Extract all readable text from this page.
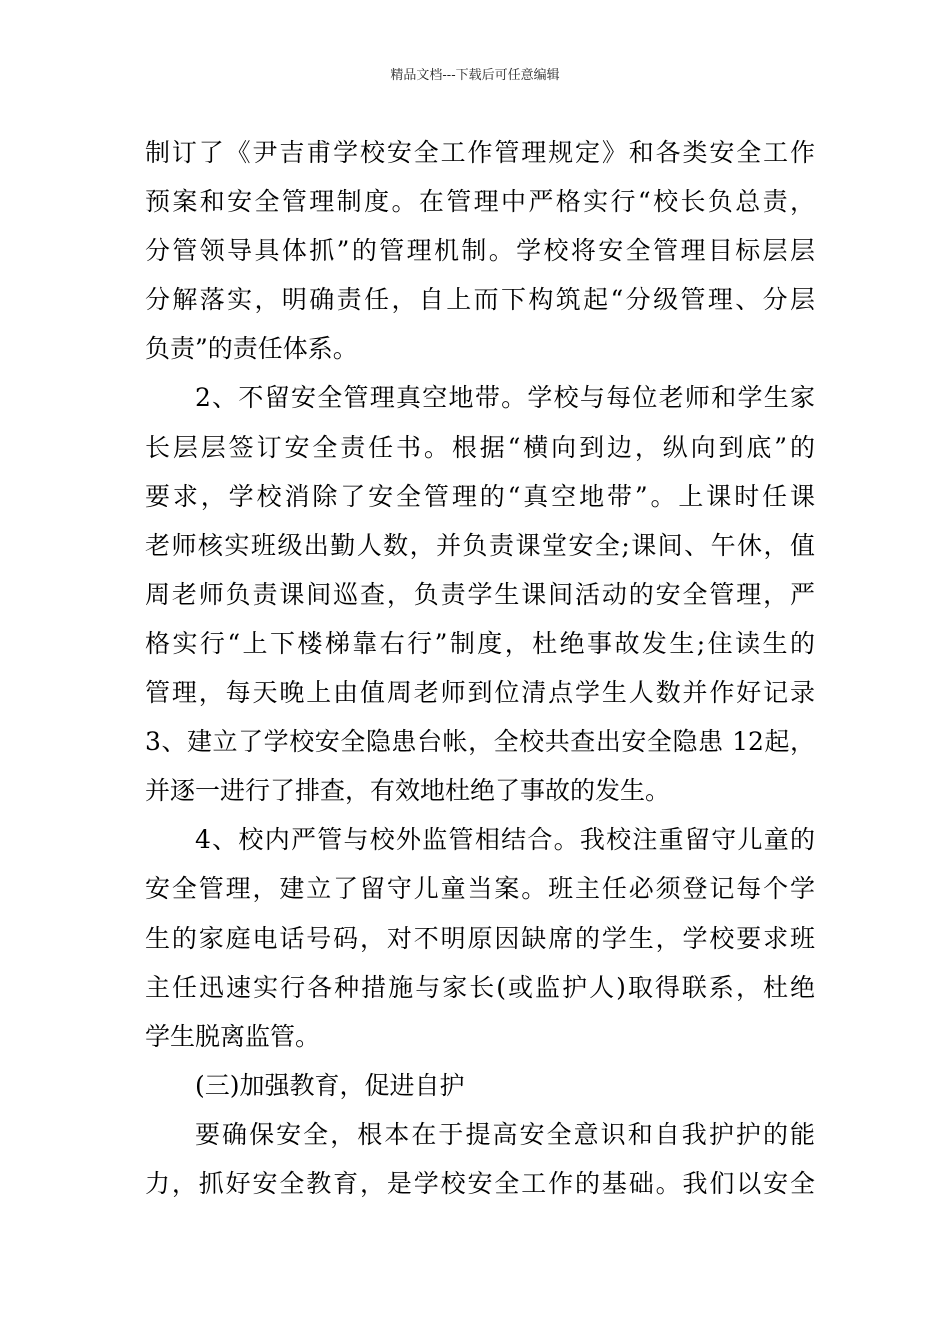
精品文档---下载后可任意编辑
制订了《尹吉甫学校安全工作管理规定》和各类安全工作
预案和安全管理制度。在管理中严格实行“校长负总责，
分管领导具体抓”的管理机制。学校将安全管理目标层层
分解落实，明确责任，自上而下构筑起“分级管理、分层
负责”的责任体系。
2、不留安全管理真空地带。学校与每位老师和学生家
长层层签订安全责任书。根据“横向到边，纵向到底”的
要求，学校消除了安全管理的“真空地带”。上课时任课
老师核实班级出勤人数，并负责课堂安全;课间、午休，值
周老师负责课间巡查，负责学生课间活动的安全管理，严
格实行“上下楼梯靠右行”制度，杜绝事故发生;住读生的
管理，每天晚上由值周老师到位清点学生人数并作好记录
3、建立了学校安全隐患台帐，全校共查出安全隐患 12起，
并逐一进行了排查，有效地杜绝了事故的发生。
4、校内严管与校外监管相结合。我校注重留守儿童的
安全管理，建立了留守儿童当案。班主任必须登记每个学
生的家庭电话号码，对不明原因缺席的学生，学校要求班
主任迅速实行各种措施与家长(或监护人)取得联系，杜绝
学生脱离监管。
(三)加强教育，促进自护
要确保安全，根本在于提高安全意识和自我护护的能
力，抓好安全教育，是学校安全工作的基础。我们以安全
